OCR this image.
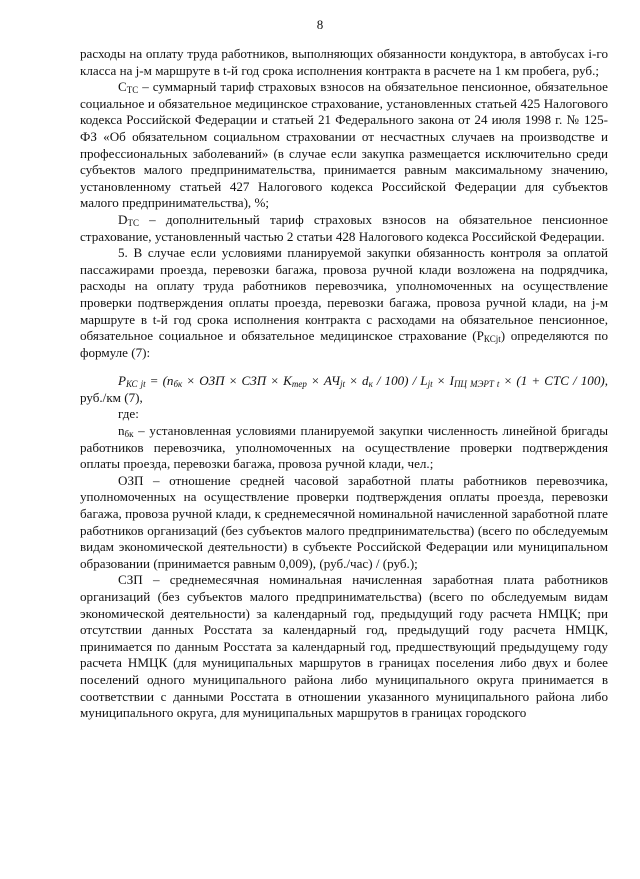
8

расходы на оплату труда работников, выполняющих обязанности кондуктора, в автобусах i-го класса на j-м маршруте в t-й год срока исполнения контракта в расчете на 1 км пробега, руб.;

$С_{ТС}$ – суммарный тариф страховых взносов на обязательное пенсионное, обязательное социальное и обязательное медицинское страхование, установленных статьей 425 Налогового кодекса Российской Федерации и статьей 21 Федерального закона от 24 июля 1998 г. № 125-ФЗ «Об обязательном социальном страховании от несчастных случаев на производстве и профессиональных заболеваний» (в случае если закупка размещается исключительно среди субъектов малого предпринимательства, принимается равным максимальному значению, установленному статьей 427 Налогового кодекса Российской Федерации для субъектов малого предпринимательства), %;

$D_{ТС}$ – дополнительный тариф страховых взносов на обязательное пенсионное страхование, установленный частью 2 статьи 428 Налогового кодекса Российской Федерации.

5. В случае если условиями планируемой закупки обязанность контроля за оплатой пассажирами проезда, перевозки багажа, провоза ручной клади возложена на подрядчика, расходы на оплату труда работников перевозчика, уполномоченных на осуществление проверки подтверждения оплаты проезда, перевозки багажа, провоза ручной клади, на j-м маршруте в t-й год срока исполнения контракта с расходами на обязательное пенсионное, обязательное социальное и обязательное медицинское страхование $(Р_{КСjt})$ определяются по формуле (7):

$P_{КС jt} = (n_{бк}$ × ОЗП × СЗП × $К_{тер} \times АЧ_{jt} \times d_к / 100) / L_{jt} \times I_{ПЦ МЭРТ t} \times (1$ + СТС / 100), руб./км (7),

где:

$n_{бк}$ – установленная условиями планируемой закупки численность линейной бригады работников перевозчика, уполномоченных на осуществление проверки подтверждения оплаты проезда, перевозки багажа, провоза ручной клади, чел.;

ОЗП – отношение средней часовой заработной платы работников перевозчика, уполномоченных на осуществление проверки подтверждения оплаты проезда, перевозки багажа, провоза ручной клади, к среднемесячной номинальной начисленной заработной плате работников организаций (без субъектов малого предпринимательства) (всего по обследуемым видам экономической деятельности) в субъекте Российской Федерации или муниципальном образовании (принимается равным 0,009), (руб./час) / (руб.);

СЗП – среднемесячная номинальная начисленная заработная плата работников организаций (без субъектов малого предпринимательства) (всего по обследуемым видам экономической деятельности) за календарный год, предыдущий году расчета НМЦК; при отсутствии данных Росстата за календарный год, предыдущий году расчета НМЦК, принимается по данным Росстата за календарный год, предшествующий предыдущему году расчета НМЦК (для муниципальных маршрутов в границах поселения либо двух и более поселений одного муниципального района либо муниципального округа принимается в соответствии с данными Росстата в отношении указанного муниципального района либо муниципального округа, для муниципальных маршрутов в границах городского
